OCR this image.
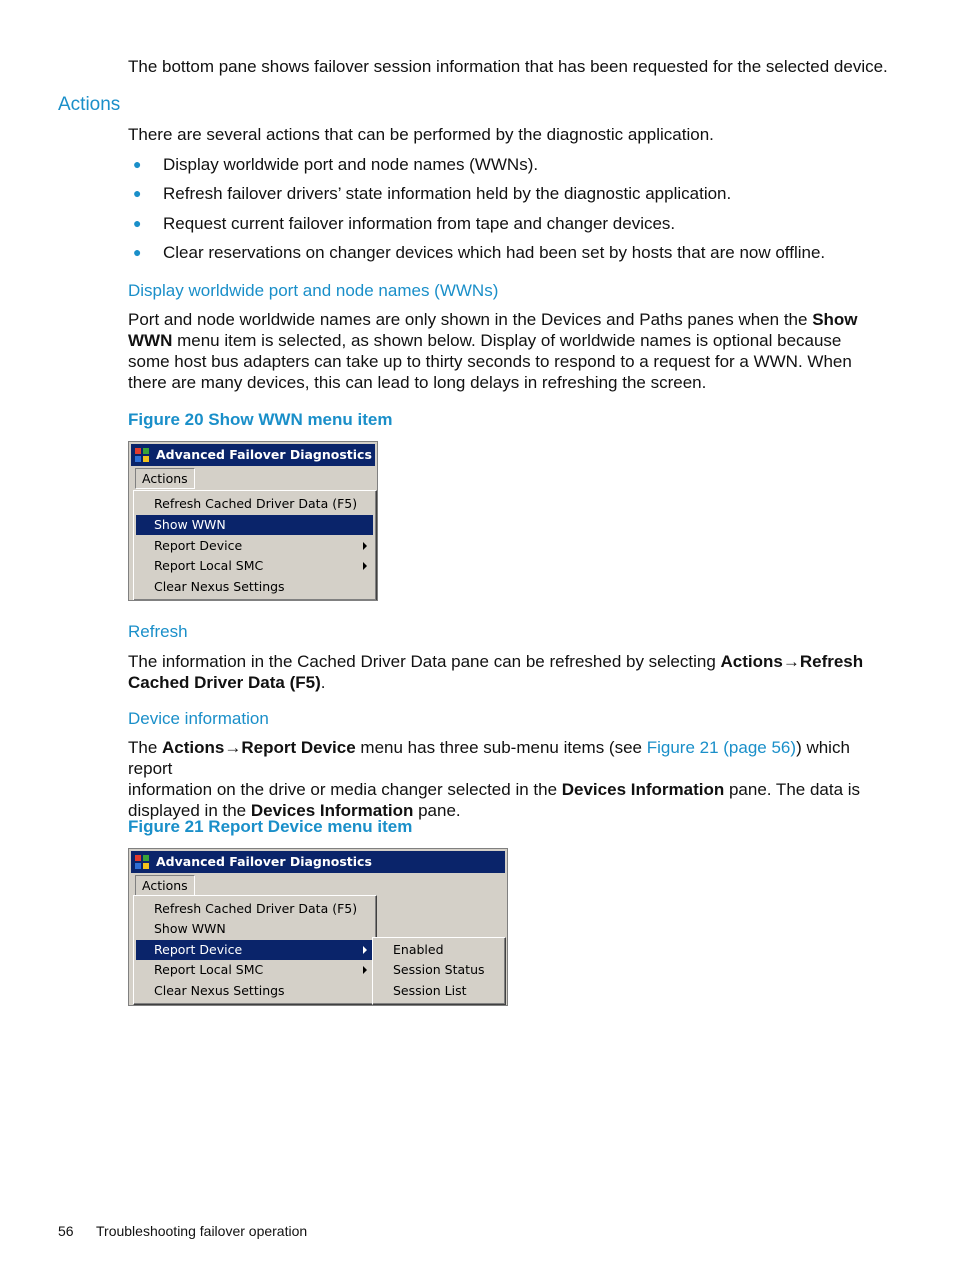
The bottom pane shows failover session information that has been requested for the selected device.
Actions
There are several actions that can be performed by the diagnostic application.
● Display worldwide port and node names (WWNs).
● Refresh failover drivers’ state information held by the diagnostic application.
● Request current failover information from tape and changer devices.
● Clear reservations on changer devices which had been set by hosts that are now offline.
Display worldwide port and node names (WWNs)
Port and node worldwide names are only shown in the Devices and Paths panes when the Show
WWN menu item is selected, as shown below. Display of worldwide names is optional because
some host bus adapters can take up to thirty seconds to respond to a request for a WWN. When
there are many devices, this can lead to long delays in refreshing the screen.
Figure 20 Show WWN menu item
Advanced Failover Diagnostics
Actions
Refresh Cached Driver Data (F5)
Show WWN
Report Device
Report Local SMC
Clear Nexus Settings
Refresh
The information in the Cached Driver Data pane can be refreshed by selecting Actions→Refresh
Cached Driver Data (F5).
Device information
The Actions→Report Device menu has three sub-menu items (see Figure 21 (page 56)) which report
information on the drive or media changer selected in the Devices Information pane. The data is
displayed in the Devices Information pane.
Figure 21 Report Device menu item
Advanced Failover Diagnostics
Actions
Refresh Cached Driver Data (F5)
Show WWN
Report Device
Report Local SMC
Clear Nexus Settings
Enabled
Session Status
Session List
56 Troubleshooting failover operation
